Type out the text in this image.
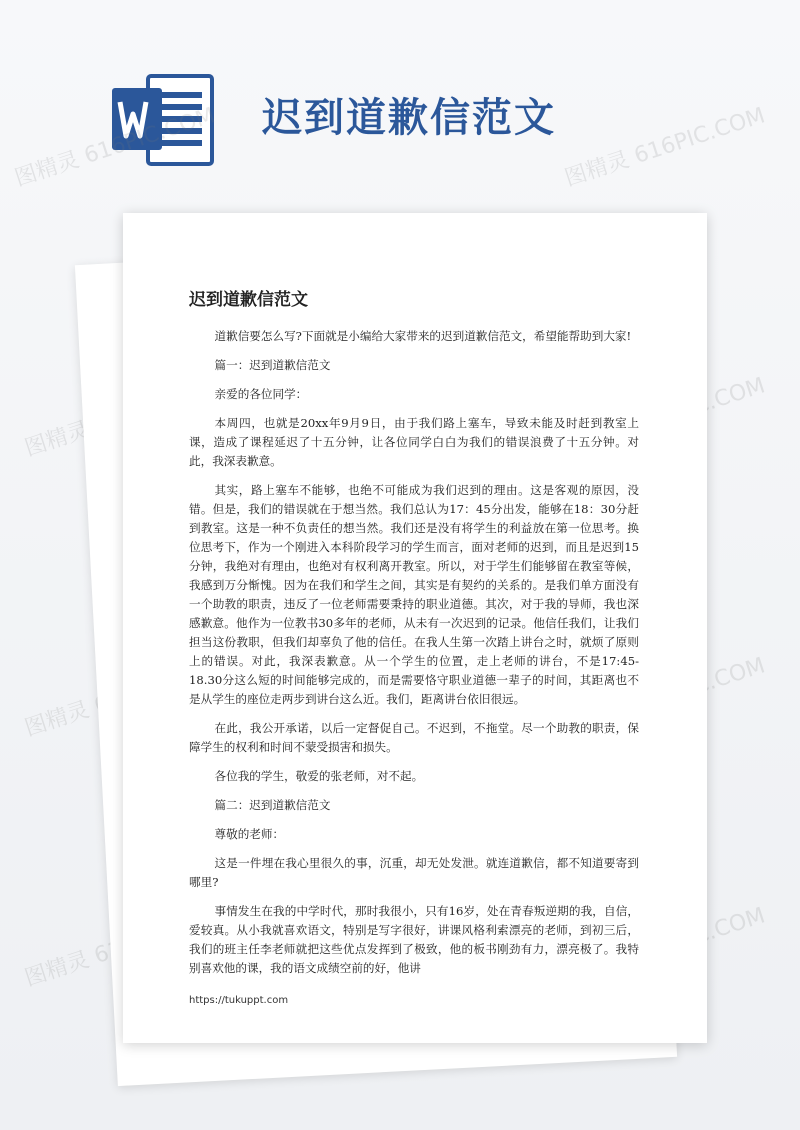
迟到道歉信范文
迟到道歉信范文

道歉信要怎么写?下面就是小编给大家带来的迟到道歉信范文，希望能帮助到大家!

篇一：迟到道歉信范文

亲爱的各位同学：

本周四，也就是20xx年9月9日，由于我们路上塞车，导致未能及时赶到教室上课，造成了课程延迟了十五分钟，让各位同学白白为我们的错误浪费了十五分钟。对此，我深表歉意。

其实，路上塞车不能够，也绝不可能成为我们迟到的理由。这是客观的原因，没错。但是，我们的错误就在于想当然。我们总认为17：45分出发，能够在18：30分赶到教室。这是一种不负责任的想当然。我们还是没有将学生的利益放在第一位思考。换位思考下，作为一个刚进入本科阶段学习的学生而言，面对老师的迟到，而且是迟到15分钟，我绝对有理由，也绝对有权利离开教室。所以，对于学生们能够留在教室等候，我感到万分惭愧。因为在我们和学生之间，其实是有契约的关系的。是我们单方面没有一个助教的职责，违反了一位老师需要秉持的职业道德。其次，对于我的导师，我也深感歉意。他作为一位教书30多年的老师，从未有一次迟到的记录。他信任我们，让我们担当这份教职，但我们却辜负了他的信任。在我人生第一次踏上讲台之时，就烦了原则上的错误。对此，我深表歉意。从一个学生的位置，走上老师的讲台，不是17:45-18.30分这么短的时间能够完成的，而是需要恪守职业道德一辈子的时间，其距离也不是从学生的座位走两步到讲台这么近。我们，距离讲台依旧很远。

在此，我公开承诺，以后一定督促自己。不迟到，不拖堂。尽一个助教的职责，保障学生的权利和时间不蒙受损害和损失。

各位我的学生，敬爱的张老师，对不起。

篇二：迟到道歉信范文

尊敬的老师：

这是一件埋在我心里很久的事，沉重，却无处发泄。就连道歉信，都不知道要寄到哪里?

事情发生在我的中学时代，那时我很小，只有16岁，处在青春叛逆期的我，自信，爱较真。从小我就喜欢语文，特别是写字很好，讲课风格利索漂亮的老师，到初三后，我们的班主任李老师就把这些优点发挥到了极致，他的板书刚劲有力，漂亮极了。我特别喜欢他的课，我的语文成绩空前的好，他讲

https://tukuppt.com
